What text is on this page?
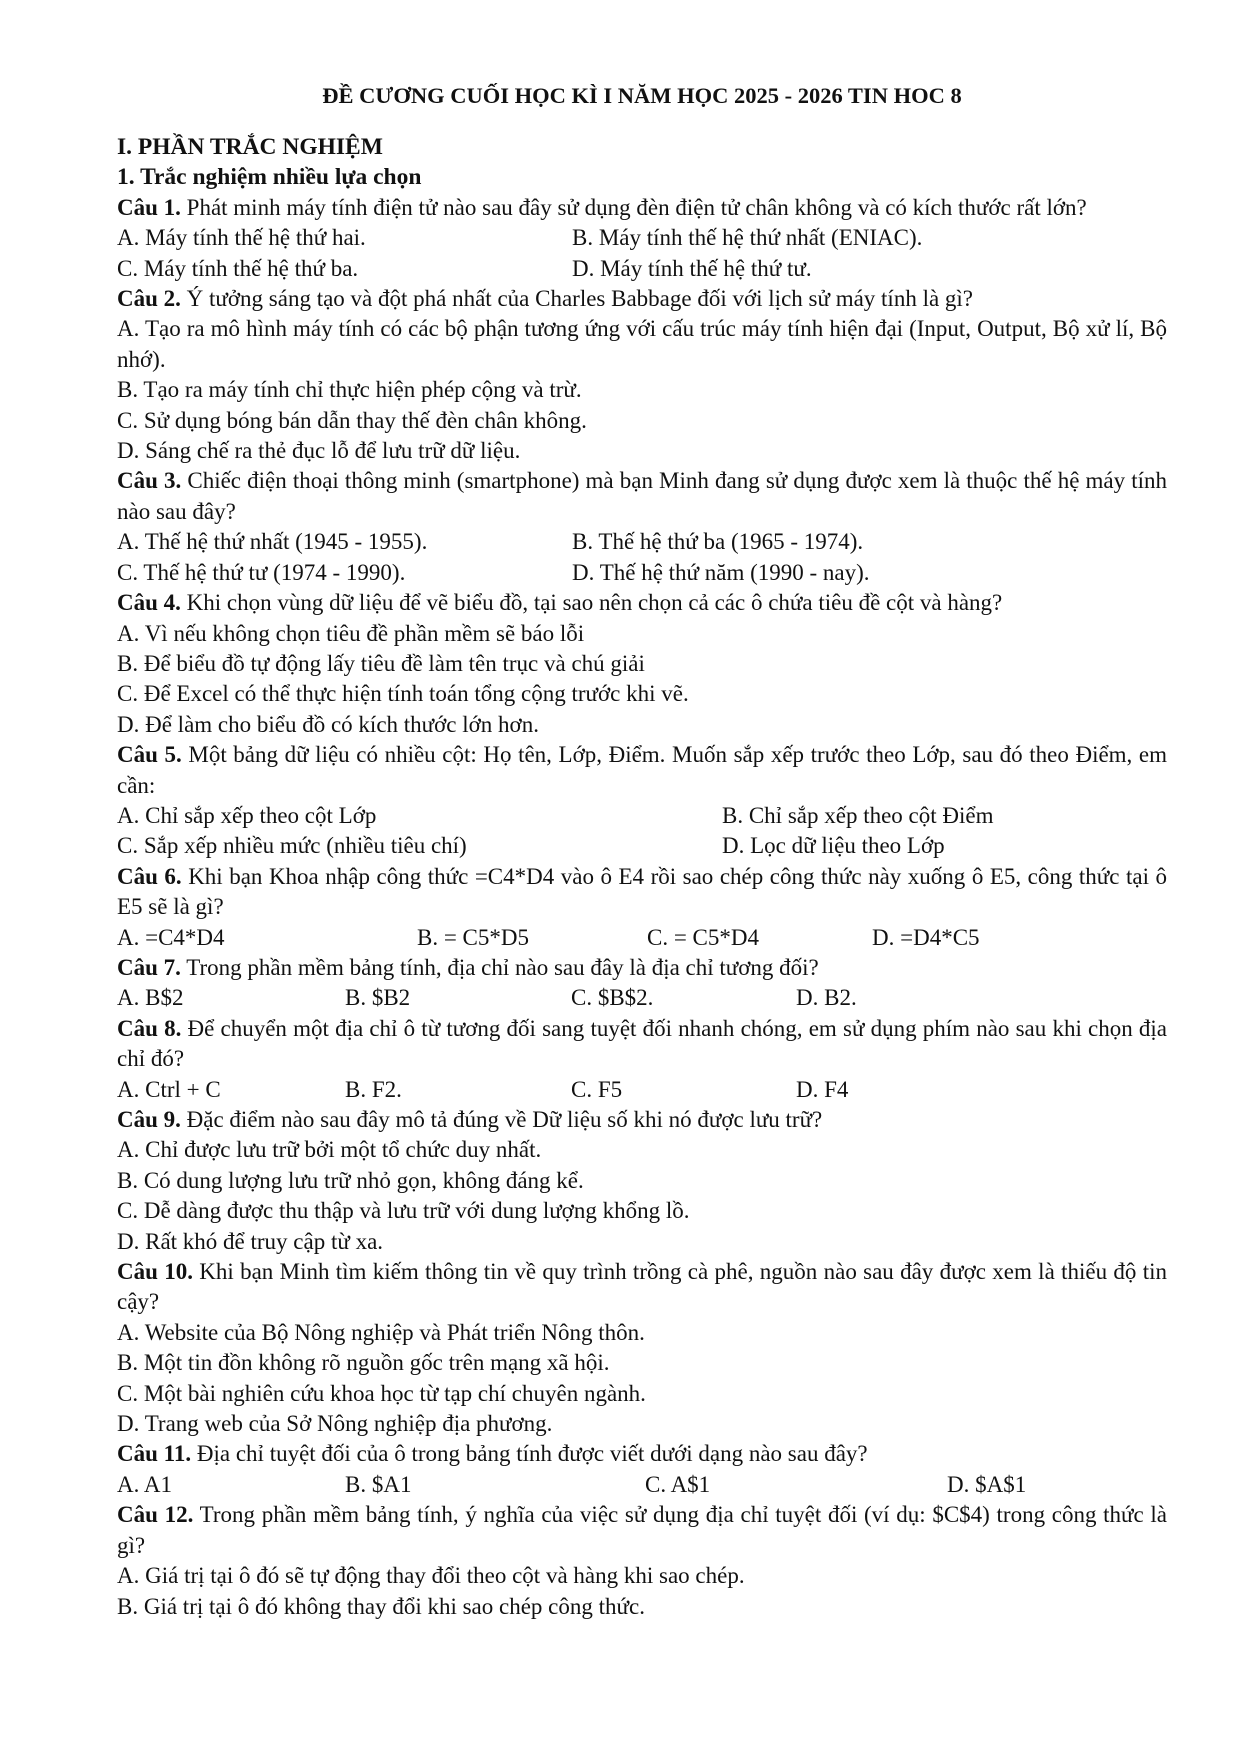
ĐỀ CƯƠNG CUỐI HỌC KÌ I NĂM HỌC 2025 - 2026 TIN HOC 8
I. PHẦN TRẮC NGHIỆM
1. Trắc nghiệm nhiều lựa chọn

Câu 1. Phát minh máy tính điện tử nào sau đây sử dụng đèn điện tử chân không và có kích thước rất lớn?

A. Máy tính thế hệ thứ hai.	B. Máy tính thế hệ thứ nhất (ENIAC).
C. Máy tính thế hệ thứ ba.	D. Máy tính thế hệ thứ tư.

Câu 2. Ý tưởng sáng tạo và đột phá nhất của Charles Babbage đối với lịch sử máy tính là gì?

A. Tạo ra mô hình máy tính có các bộ phận tương ứng với cấu trúc máy tính hiện đại (Input, Output, Bộ xử lí, Bộ nhớ).

B. Tạo ra máy tính chỉ thực hiện phép cộng và trừ.

C. Sử dụng bóng bán dẫn thay thế đèn chân không.

D. Sáng chế ra thẻ đục lỗ để lưu trữ dữ liệu.

Câu 3. Chiếc điện thoại thông minh (smartphone) mà bạn Minh đang sử dụng được xem là thuộc thế hệ máy tính nào sau đây?

A. Thế hệ thứ nhất (1945 - 1955).	B. Thế hệ thứ ba (1965 - 1974).
C. Thế hệ thứ tư (1974 - 1990).	D. Thế hệ thứ năm (1990 - nay).

Câu 4. Khi chọn vùng dữ liệu để vẽ biểu đồ, tại sao nên chọn cả các ô chứa tiêu đề cột và hàng?

A. Vì nếu không chọn tiêu đề phần mềm sẽ báo lỗi

B. Để biểu đồ tự động lấy tiêu đề làm tên trục và chú giải

C. Để Excel có thể thực hiện tính toán tổng cộng trước khi vẽ.

D. Để làm cho biểu đồ có kích thước lớn hơn.

Câu 5. Một bảng dữ liệu có nhiều cột: Họ tên, Lớp, Điểm. Muốn sắp xếp trước theo Lớp, sau đó theo Điểm, em cần:

A. Chỉ sắp xếp theo cột Lớp	B. Chỉ sắp xếp theo cột Điểm
C. Sắp xếp nhiều mức (nhiều tiêu chí)	D. Lọc dữ liệu theo Lớp

Câu 6. Khi bạn Khoa nhập công thức =C4*D4 vào ô E4 rồi sao chép công thức này xuống ô E5, công thức tại ô E5 sẽ là gì?

A. =C4*D4	B. = C5*D5	C. = C5*D4	D. =D4*C5

Câu 7. Trong phần mềm bảng tính, địa chỉ nào sau đây là địa chỉ tương đối?

A. B$2	B. $B2	C. $B$2.	D. B2.

Câu 8. Để chuyển một địa chỉ ô từ tương đối sang tuyệt đối nhanh chóng, em sử dụng phím nào sau khi chọn địa chỉ đó?

A. Ctrl + C	B. F2.	C. F5	D. F4

Câu 9. Đặc điểm nào sau đây mô tả đúng về Dữ liệu số khi nó được lưu trữ?

A. Chỉ được lưu trữ bởi một tổ chức duy nhất.

B. Có dung lượng lưu trữ nhỏ gọn, không đáng kể.

C. Dễ dàng được thu thập và lưu trữ với dung lượng khổng lồ.

D. Rất khó để truy cập từ xa.

Câu 10. Khi bạn Minh tìm kiếm thông tin về quy trình trồng cà phê, nguồn nào sau đây được xem là thiếu độ tin cậy?

A. Website của Bộ Nông nghiệp và Phát triển Nông thôn.

B. Một tin đồn không rõ nguồn gốc trên mạng xã hội.

C. Một bài nghiên cứu khoa học từ tạp chí chuyên ngành.

D. Trang web của Sở Nông nghiệp địa phương.

Câu 11. Địa chỉ tuyệt đối của ô trong bảng tính được viết dưới dạng nào sau đây?

A. A1	B. $A1	C. A$1	D. $A$1

Câu 12. Trong phần mềm bảng tính, ý nghĩa của việc sử dụng địa chỉ tuyệt đối (ví dụ: $C$4) trong công thức là gì?

A. Giá trị tại ô đó sẽ tự động thay đổi theo cột và hàng khi sao chép.

B. Giá trị tại ô đó không thay đổi khi sao chép công thức.
